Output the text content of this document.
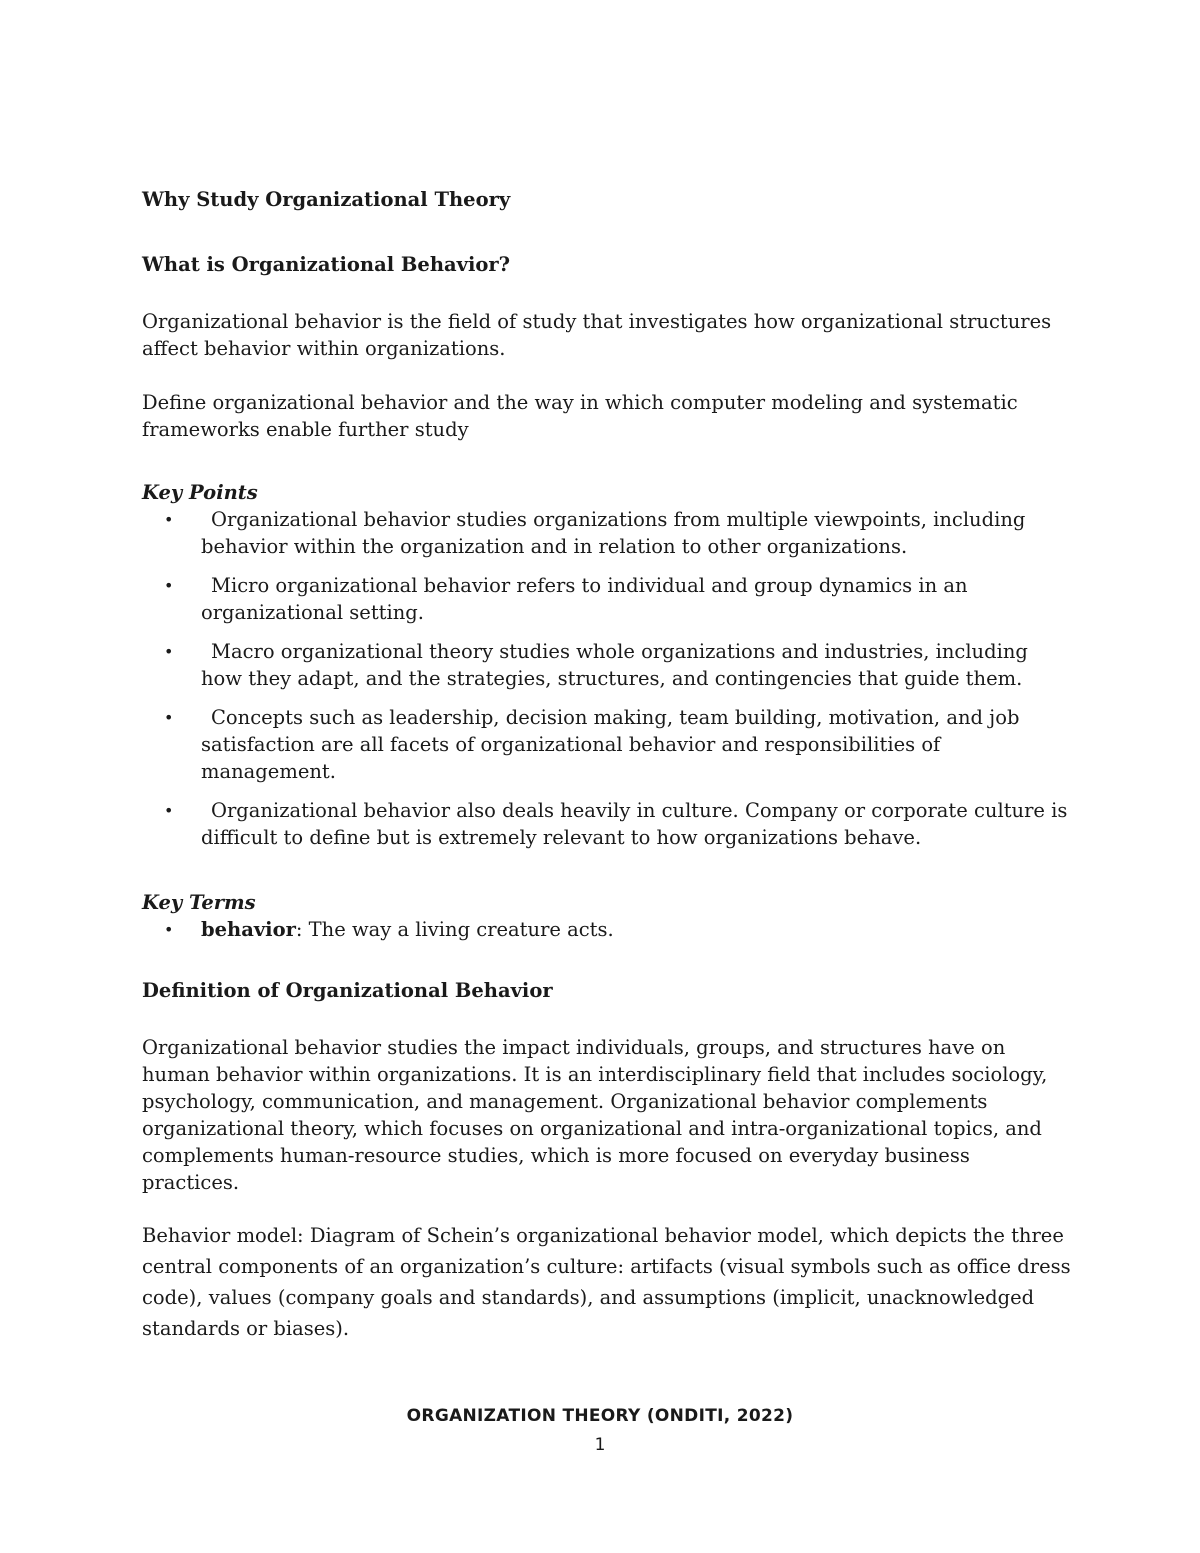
Why Study Organizational Theory

What is Organizational Behavior?

Organizational behavior is the field of study that investigates how organizational structures affect behavior within organizations.

Define organizational behavior and the way in which computer modeling and systematic frameworks enable further study

Key Points

• Organizational behavior studies organizations from multiple viewpoints, including behavior within the organization and in relation to other organizations.
• Micro organizational behavior refers to individual and group dynamics in an organizational setting.
• Macro organizational theory studies whole organizations and industries, including how they adapt, and the strategies, structures, and contingencies that guide them.
• Concepts such as leadership, decision making, team building, motivation, and job satisfaction are all facets of organizational behavior and responsibilities of management.
• Organizational behavior also deals heavily in culture. Company or corporate culture is difficult to define but is extremely relevant to how organizations behave.

Key Terms

• behavior: The way a living creature acts.

Definition of Organizational Behavior

Organizational behavior studies the impact individuals, groups, and structures have on human behavior within organizations. It is an interdisciplinary field that includes sociology, psychology, communication, and management. Organizational behavior complements organizational theory, which focuses on organizational and intra-organizational topics, and complements human-resource studies, which is more focused on everyday business practices.

Behavior model: Diagram of Schein’s organizational behavior model, which depicts the three central components of an organization’s culture: artifacts (visual symbols such as office dress code), values (company goals and standards), and assumptions (implicit, unacknowledged standards or biases).

ORGANIZATION THEORY (ONDITI, 2022)
1
